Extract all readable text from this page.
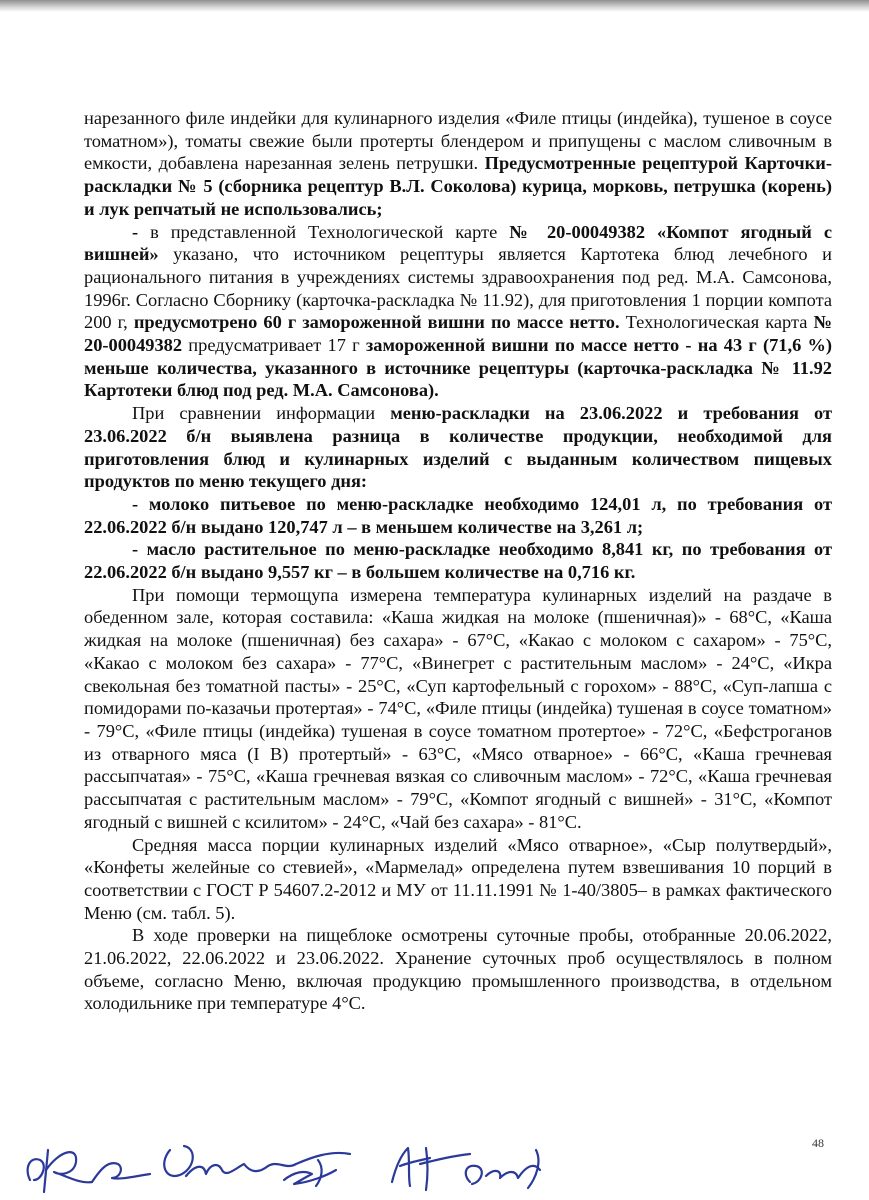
нарезанного филе индейки для кулинарного изделия «Филе птицы (индейка), тушеное в соусе томатном»), томаты свежие были протерты блендером и припущены с маслом сливочным в емкости, добавлена нарезанная зелень петрушки. Предусмотренные рецептурой Карточки-раскладки № 5 (сборника рецептур В.Л. Соколова) курица, морковь, петрушка (корень) и лук репчатый не использовались;

- в представленной Технологической карте № 20-00049382 «Компот ягодный с вишней» указано, что источником рецептуры является Картотека блюд лечебного и рационального питания в учреждениях системы здравоохранения под ред. М.А. Самсонова, 1996г. Согласно Сборнику (карточка-раскладка № 11.92), для приготовления 1 порции компота 200 г, предусмотрено 60 г замороженной вишни по массе нетто. Технологическая карта № 20-00049382 предусматривает 17 г замороженной вишни по массе нетто - на 43 г (71,6 %) меньше количества, указанного в источнике рецептуры (карточка-раскладка № 11.92 Картотеки блюд под ред. М.А. Самсонова).

При сравнении информации меню-раскладки на 23.06.2022 и требования от 23.06.2022 б/н выявлена разница в количестве продукции, необходимой для приготовления блюд и кулинарных изделий с выданным количеством пищевых продуктов по меню текущего дня:

- молоко питьевое по меню-раскладке необходимо 124,01 л, по требования от 22.06.2022 б/н выдано 120,747 л – в меньшем количестве на 3,261 л;

- масло растительное по меню-раскладке необходимо 8,841 кг, по требования от 22.06.2022 б/н выдано 9,557 кг – в большем количестве на 0,716 кг.

При помощи термощупа измерена температура кулинарных изделий на раздаче в обеденном зале, которая составила: «Каша жидкая на молоке (пшеничная)» - 68°С, «Каша жидкая на молоке (пшеничная) без сахара» - 67°С, «Какао с молоком с сахаром» - 75°С, «Какао с молоком без сахара» - 77°С, «Винегрет с растительным маслом» - 24°С, «Икра свекольная без томатной пасты» - 25°С, «Суп картофельный с горохом» - 88°С, «Суп-лапша с помидорами по-казачьи протертая» - 74°С, «Филе птицы (индейка) тушеная в соусе томатном» - 79°С, «Филе птицы (индейка) тушеная в соусе томатном протертое» - 72°С, «Бефстроганов из отварного мяса (I В) протертый» - 63°С, «Мясо отварное» - 66°С, «Каша гречневая рассыпчатая» - 75°С, «Каша гречневая вязкая со сливочным маслом» - 72°С, «Каша гречневая рассыпчатая с растительным маслом» - 79°С, «Компот ягодный с вишней» - 31°С, «Компот ягодный с вишней с ксилитом» - 24°С, «Чай без сахара» - 81°С.

Средняя масса порции кулинарных изделий «Мясо отварное», «Сыр полутвердый», «Конфеты желейные со стевией», «Мармелад» определена путем взвешивания 10 порций в соответствии с ГОСТ Р 54607.2-2012 и МУ от 11.11.1991 № 1-40/3805– в рамках фактического Меню (см. табл. 5).

В ходе проверки на пищеблоке осмотрены суточные пробы, отобранные 20.06.2022, 21.06.2022, 22.06.2022 и 23.06.2022. Хранение суточных проб осуществлялось в полном объеме, согласно Меню, включая продукцию промышленного производства, в отдельном холодильнике при температуре 4°С.

48
